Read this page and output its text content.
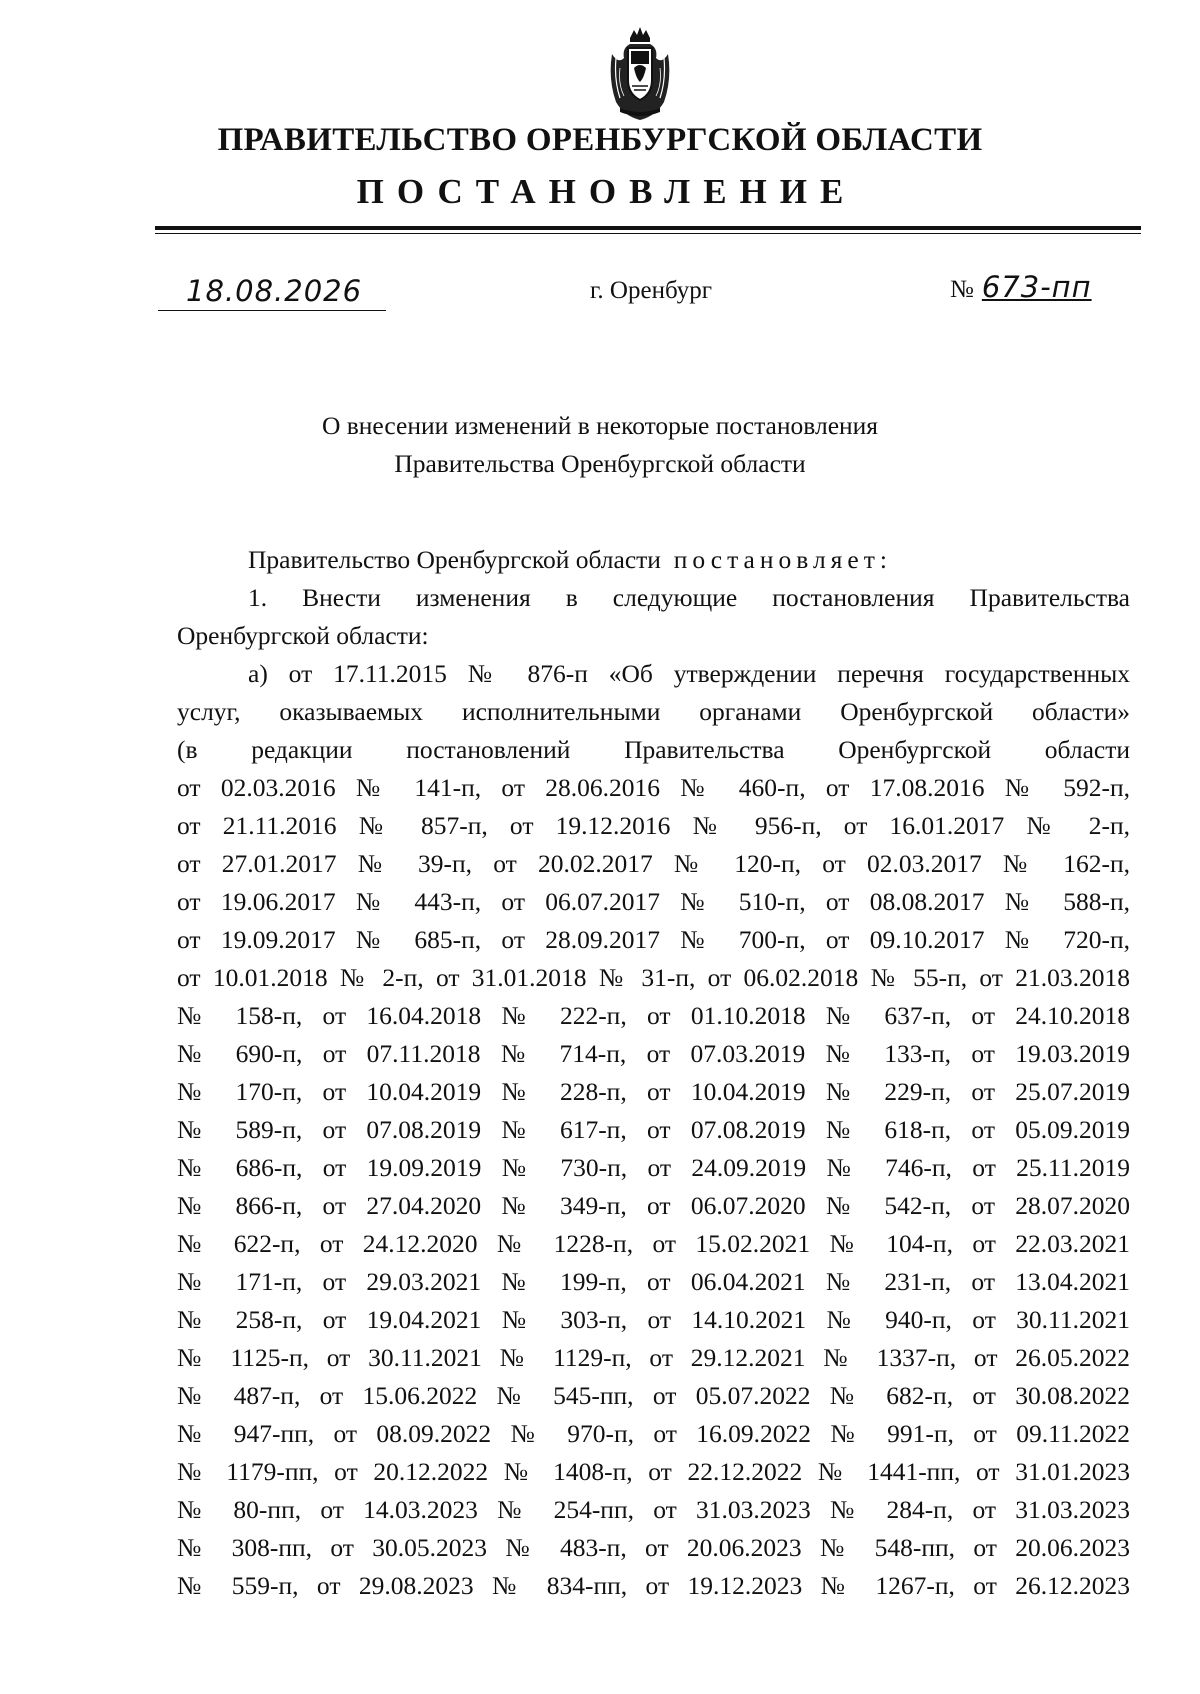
ПРАВИТЕЛЬСТВО ОРЕНБУРГСКОЙ ОБЛАСТИ
ПОСТАНОВЛЕНИЕ
18.08.2026	г. Оренбург	№ 673-пп
О внесении изменений в некоторые постановления
Правительства Оренбургской области

Правительство Оренбургской области постановляет:

1. Внести изменения в следующие постановления Правительства
Оренбургской области:
а) от 17.11.2015 № 876-п «Об утверждении перечня государственных
услуг, оказываемых исполнительными органами Оренбургской области»
(в редакции постановлений Правительства Оренбургской области
от 02.03.2016 № 141-п, от 28.06.2016 № 460-п, от 17.08.2016 № 592-п,
от 21.11.2016 № 857-п, от 19.12.2016 № 956-п, от 16.01.2017 № 2-п,
от 27.01.2017 № 39-п, от 20.02.2017 № 120-п, от 02.03.2017 № 162-п,
от 19.06.2017 № 443-п, от 06.07.2017 № 510-п, от 08.08.2017 № 588-п,
от 19.09.2017 № 685-п, от 28.09.2017 № 700-п, от 09.10.2017 № 720-п,
от 10.01.2018 № 2-п, от 31.01.2018 № 31-п, от 06.02.2018 № 55-п, от 21.03.2018
№ 158-п, от 16.04.2018 № 222-п, от 01.10.2018 № 637-п, от 24.10.2018
№ 690-п, от 07.11.2018 № 714-п, от 07.03.2019 № 133-п, от 19.03.2019
№ 170-п, от 10.04.2019 № 228-п, от 10.04.2019 № 229-п, от 25.07.2019
№ 589-п, от 07.08.2019 № 617-п, от 07.08.2019 № 618-п, от 05.09.2019
№ 686-п, от 19.09.2019 № 730-п, от 24.09.2019 № 746-п, от 25.11.2019
№ 866-п, от 27.04.2020 № 349-п, от 06.07.2020 № 542-п, от 28.07.2020
№ 622-п, от 24.12.2020 № 1228-п, от 15.02.2021 № 104-п, от 22.03.2021
№ 171-п, от 29.03.2021 № 199-п, от 06.04.2021 № 231-п, от 13.04.2021
№ 258-п, от 19.04.2021 № 303-п, от 14.10.2021 № 940-п, от 30.11.2021
№ 1125-п, от 30.11.2021 № 1129-п, от 29.12.2021 № 1337-п, от 26.05.2022
№ 487-п, от 15.06.2022 № 545-пп, от 05.07.2022 № 682-п, от 30.08.2022
№ 947-пп, от 08.09.2022 № 970-п, от 16.09.2022 № 991-п, от 09.11.2022
№ 1179-пп, от 20.12.2022 № 1408-п, от 22.12.2022 № 1441-пп, от 31.01.2023
№ 80-пп, от 14.03.2023 № 254-пп, от 31.03.2023 № 284-п, от 31.03.2023
№ 308-пп, от 30.05.2023 № 483-п, от 20.06.2023 № 548-пп, от 20.06.2023
№ 559-п, от 29.08.2023 № 834-пп, от 19.12.2023 № 1267-п, от 26.12.2023
